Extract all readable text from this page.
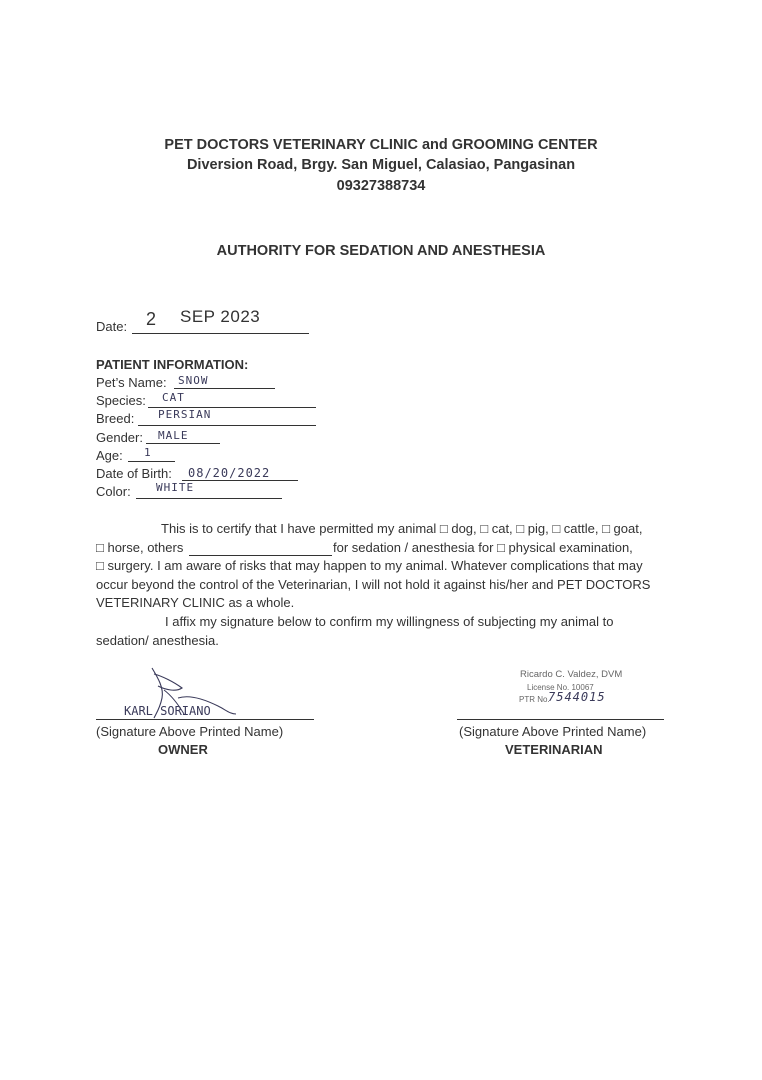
PET DOCTORS VETERINARY CLINIC and GROOMING CENTER
Diversion Road, Brgy. San Miguel, Calasiao, Pangasinan
09327388734
AUTHORITY FOR SEDATION AND ANESTHESIA
Date: 2 SEP 2023
PATIENT INFORMATION:
Pet’s Name: SNOW
Species: CAT
Breed: PERSIAN
Gender: MALE
Age: 1
Date of Birth: 08/20/2022
Color: WHITE
This is to certify that I have permitted my animal □ dog, □ cat, □ pig, □ cattle, □ goat,
□ horse, others	for sedation / anesthesia for □ physical examination,
□ surgery. I am aware of risks that may happen to my animal. Whatever complications that may
occur beyond the control of the Veterinarian, I will not hold it against his/her and PET DOCTORS
VETERINARY CLINIC as a whole.
I affix my signature below to confirm my willingness of subjecting my animal to
sedation/ anesthesia.
KARL SORIANO
(Signature Above Printed Name)
OWNER
Ricardo C. Valdez, DVM
License No. 10067
PTR No.
7544015
(Signature Above Printed Name)
VETERINARIAN
